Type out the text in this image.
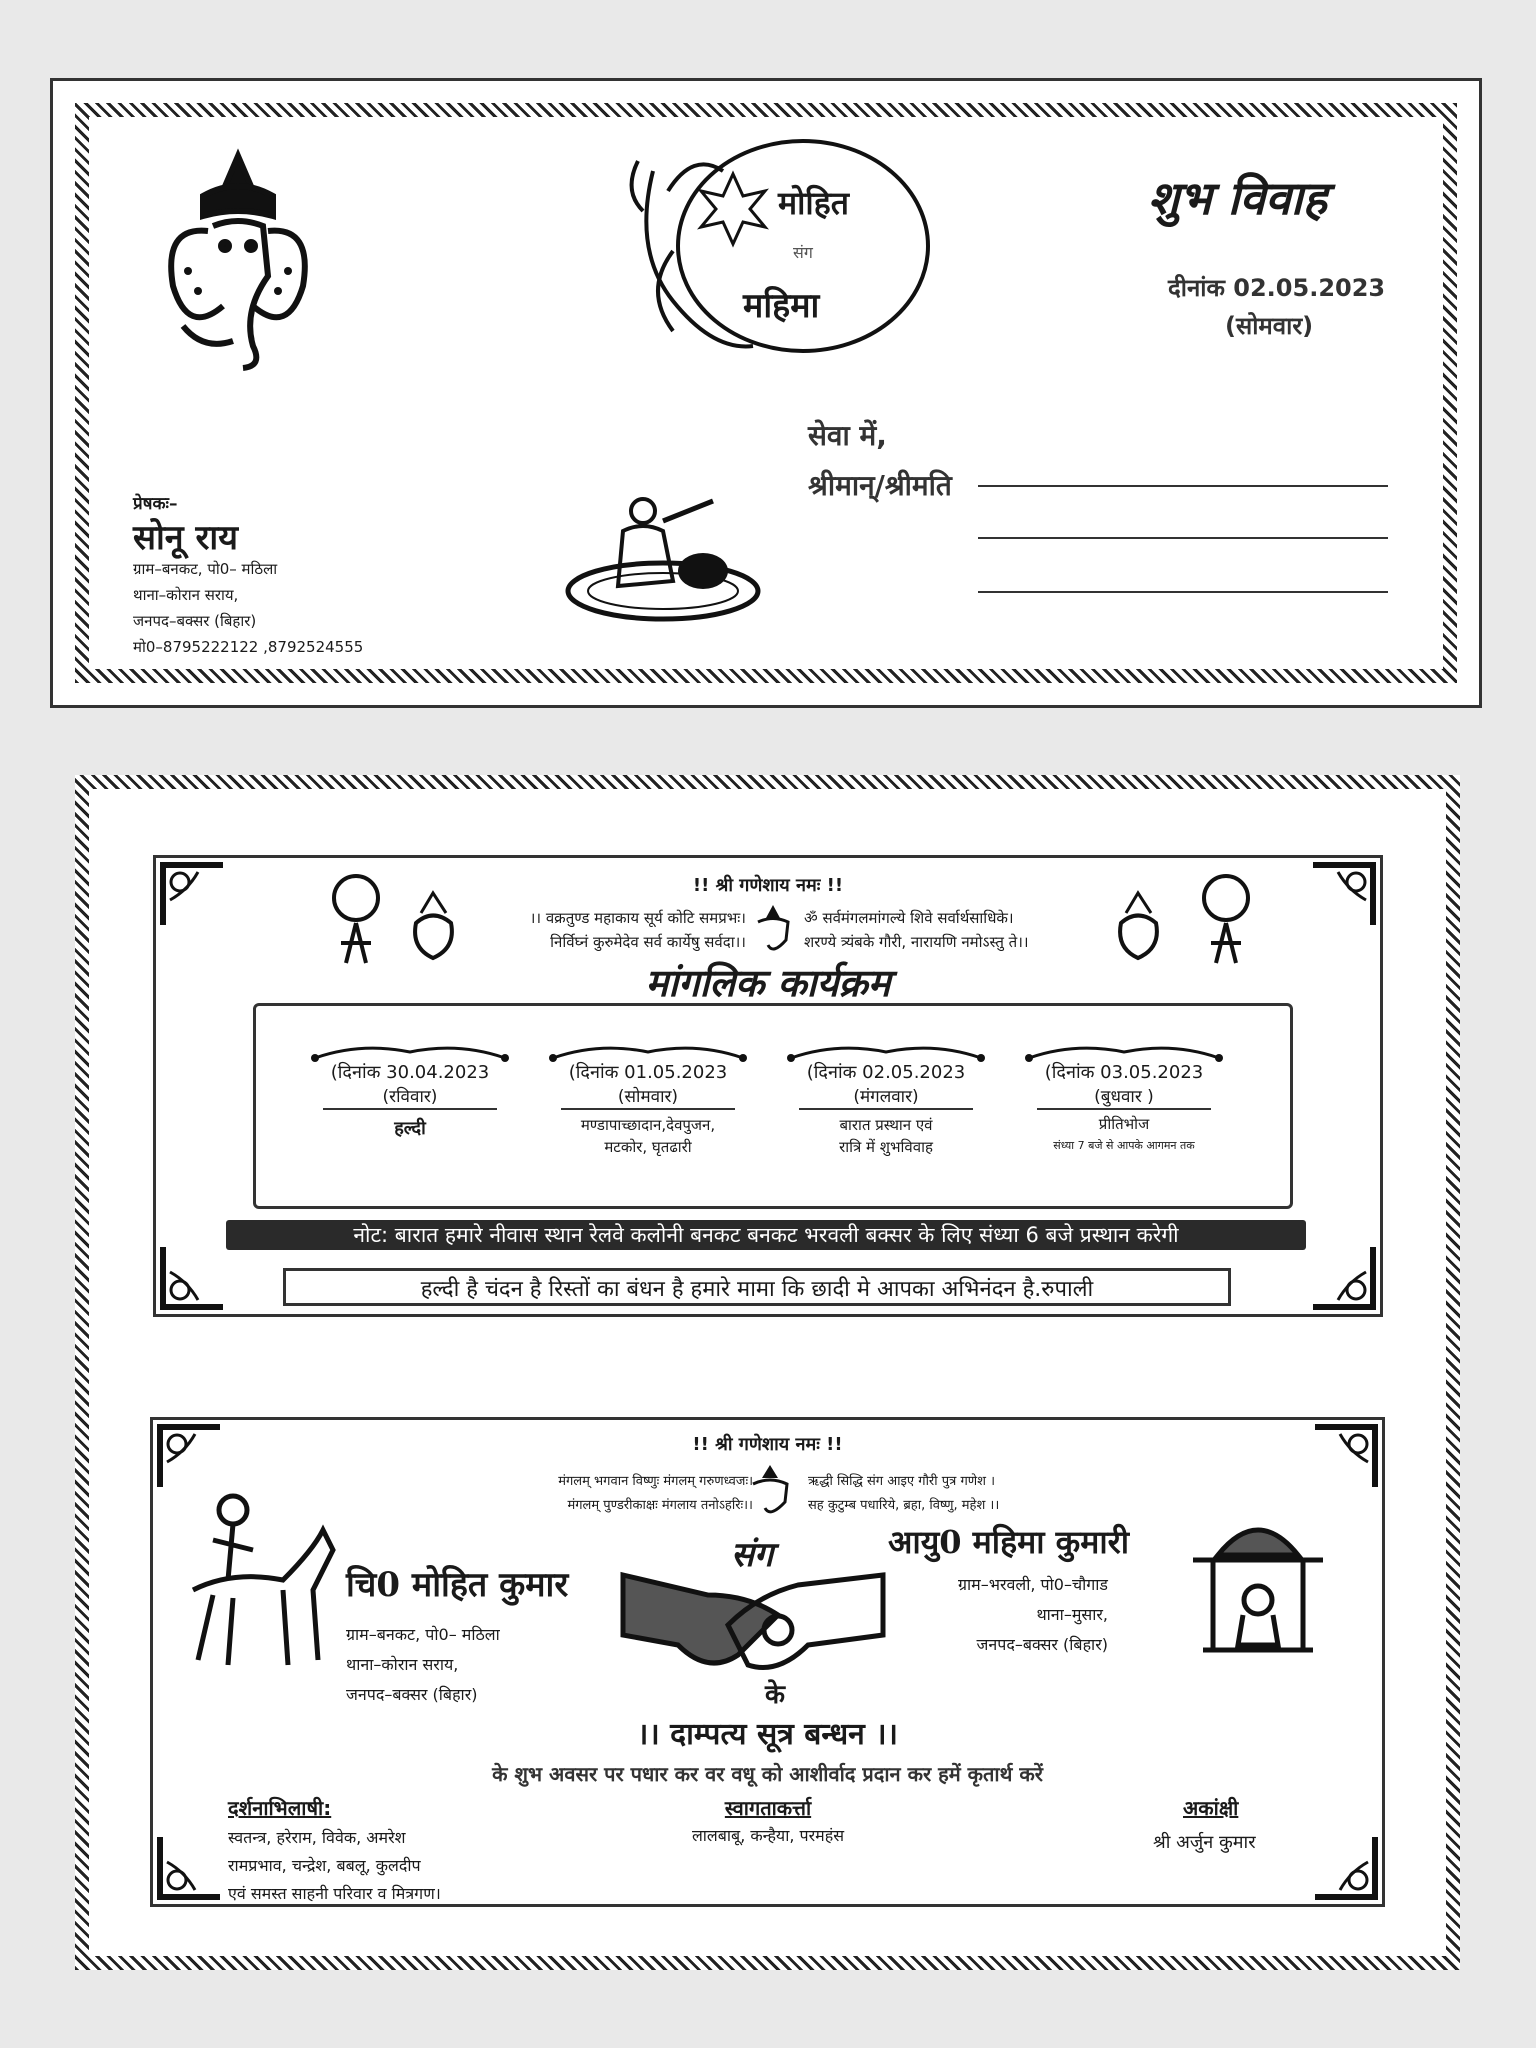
मोहित
संग
महिमा
शुभ विवाह
दीनांक 02.05.2023
(सोमवार)
सेवा में,
श्रीमान्/श्रीमति
प्रेषकः–
सोनू राय
ग्राम–बनकट, पो0– मठिला
थाना–कोरान सराय,
जनपद–बक्सर (बिहार)
मो0–8795222122 ,8792524555
!! श्री गणेशाय नमः !!
।। वक्रतुण्ड महाकाय सूर्य कोटि समप्रभः।
निर्विघ्नं कुरुमेदेव सर्व कार्येषु सर्वदा।।
ॐ सर्वमंगलमांगल्ये शिवे सर्वार्थसाधिके।
शरण्ये त्र्यंबके गौरी, नारायणि नमोऽस्तु ते।।
मांगलिक कार्यक्रम
(दिनांक 30.04.2023
(रविवार)
हल्दी
(दिनांक 01.05.2023
(सोमवार)
मण्डापाच्छादान,देवपुजन,
मटकोर, घृतढारी
(दिनांक 02.05.2023
(मंगलवार)
बारात प्रस्थान एवं
रात्रि में शुभविवाह
(दिनांक 03.05.2023
(बुधवार )
प्रीतिभोज
संध्या 7 बजे से आपके आगमन तक
नोट: बारात हमारे नीवास स्थान रेलवे कलोनी बनकट बनकट भरवली बक्सर के लिए संध्या 6 बजे प्रस्थान करेगी
हल्दी है चंदन है रिस्तों का बंधन है हमारे मामा कि छादी मे आपका अभिनंदन है.रुपाली
!! श्री गणेशाय नमः !!
मंगलम् भगवान विष्णुः मंगलम् गरुणध्वजः।
मंगलम् पुण्डरीकाक्षः मंगलाय तनोऽहरिः।।
ऋद्धी सिद्धि संग आइए गौरी पुत्र गणेश ।
सह कुटुम्ब पधारिये, ब्रहा, विष्णु, महेश ।।
चि0 मोहित कुमार
ग्राम–बनकट, पो0– मठिला
थाना–कोरान सराय,
जनपद–बक्सर (बिहार)
संग
के
आयु0 महिमा कुमारी
ग्राम–भरवली, पो0–चौगाड
थाना–मुसार,
जनपद–बक्सर (बिहार)
।। दाम्पत्य सूत्र बन्धन ।।
के शुभ अवसर पर पधार कर वर वधू को आशीर्वाद प्रदान कर हमें कृतार्थ करें
दर्शनाभिलाषी:
स्वतन्त्र, हरेराम, विवेक, अमरेश
रामप्रभाव, चन्द्रेश, बबलू, कुलदीप
एवं समस्त साहनी परिवार व मित्रगण।
स्वागताकर्त्ता
लालबाबू, कन्हैया, परमहंस
अकांक्षी
श्री अर्जुन कुमार
